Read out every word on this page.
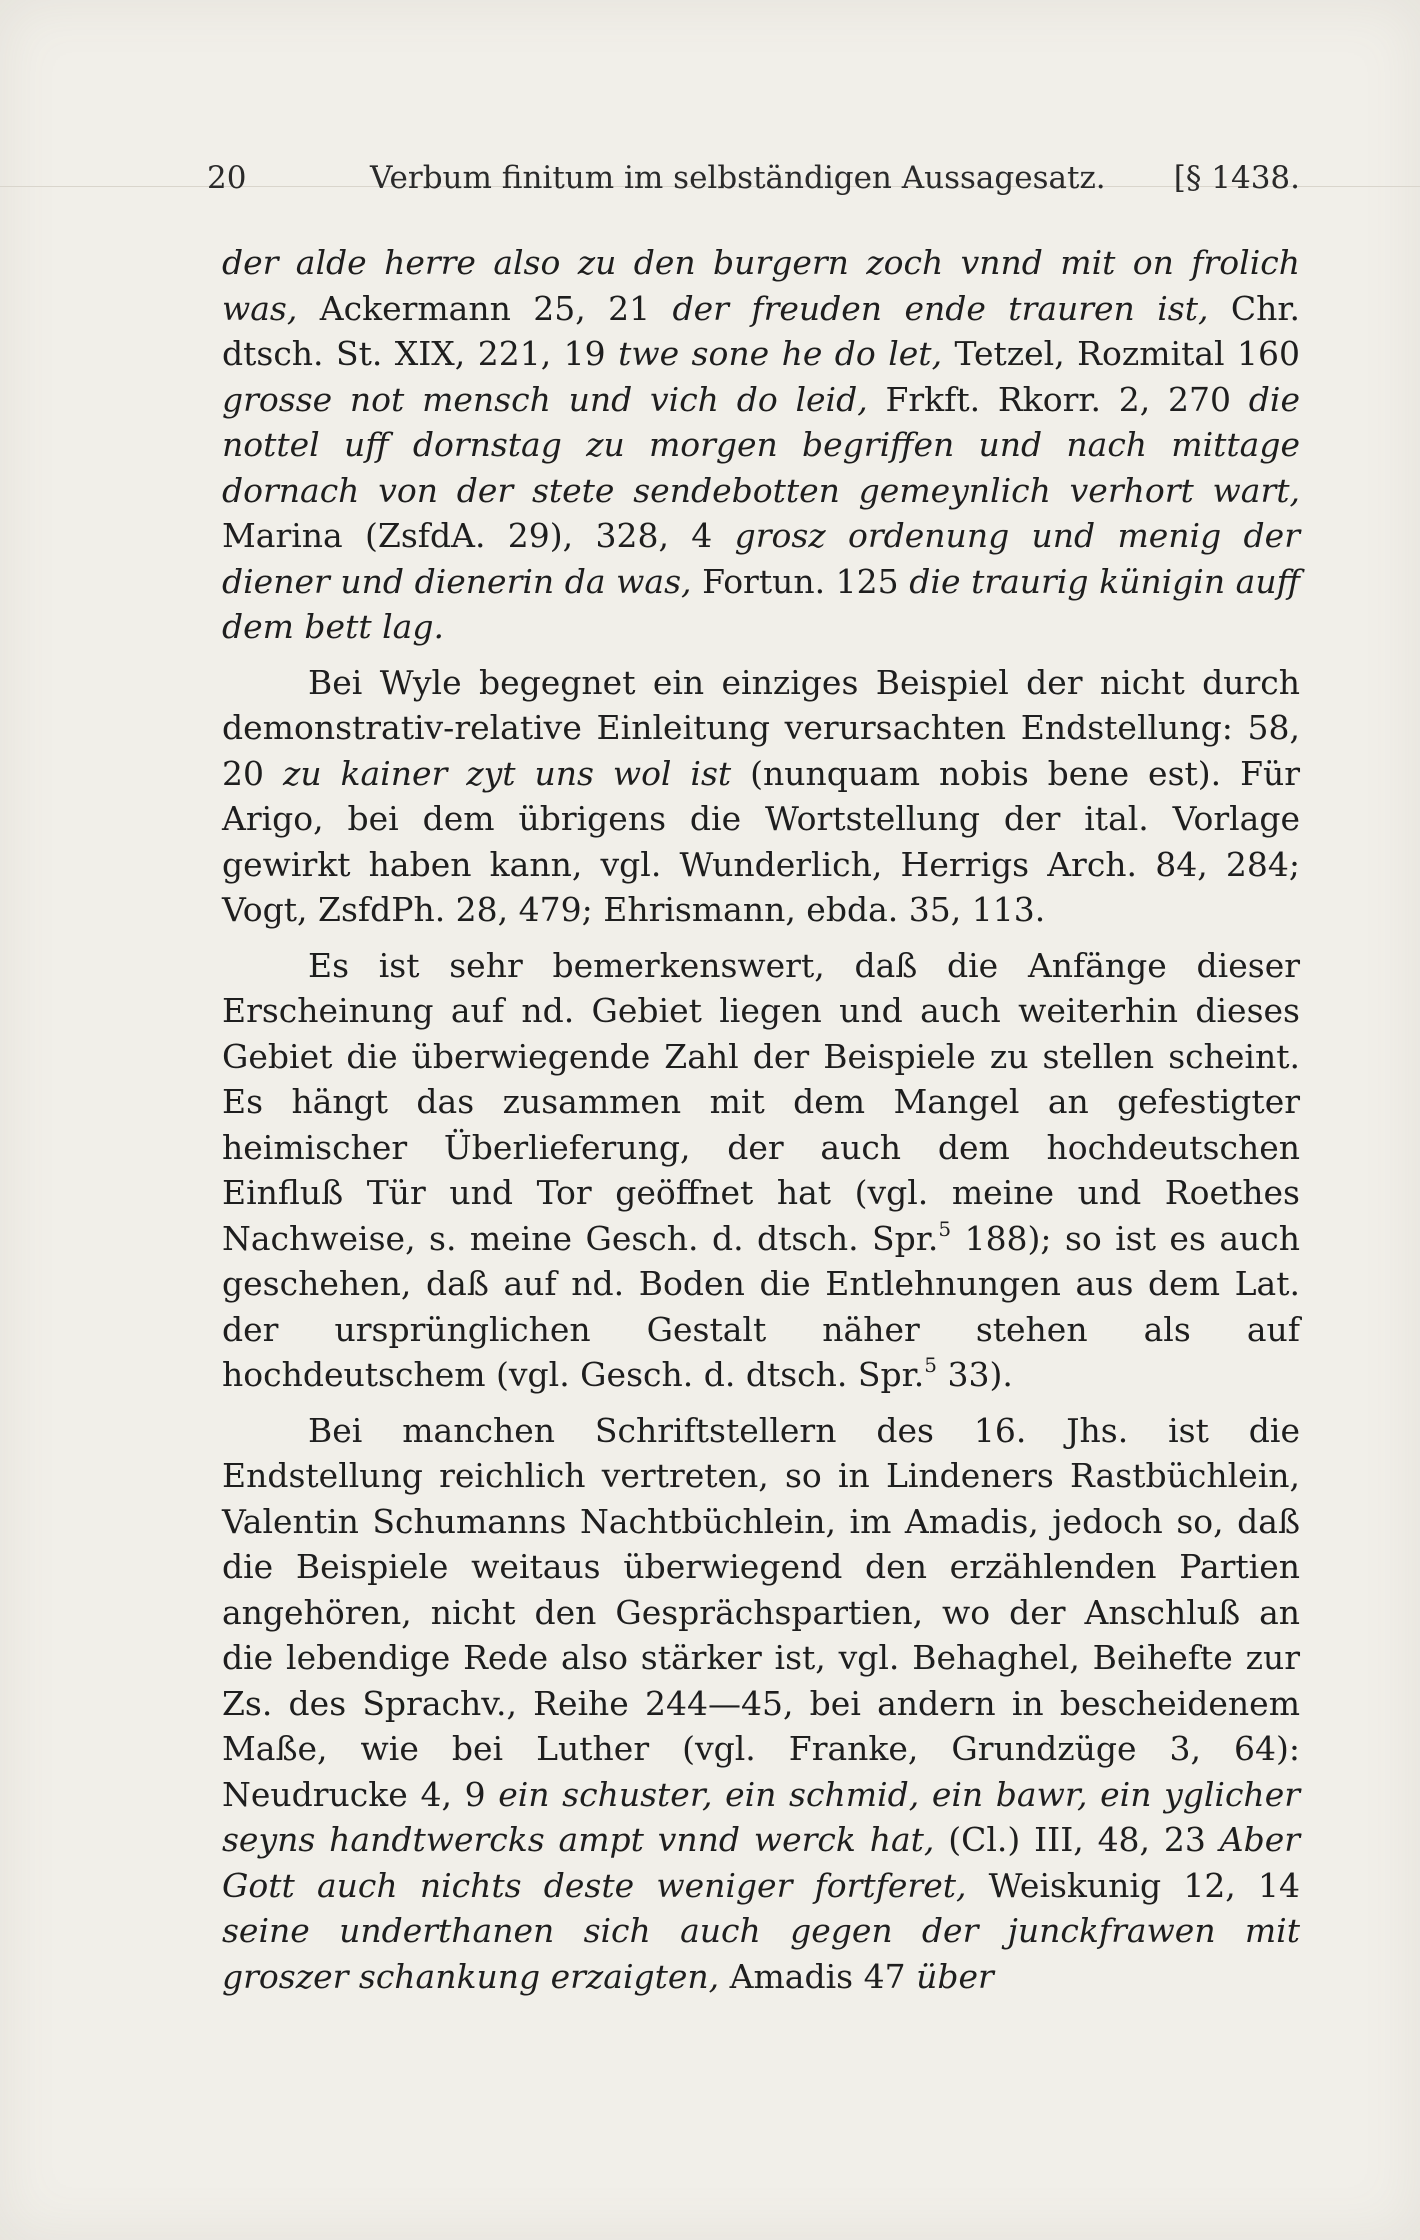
20	Verbum finitum im selbständigen Aussagesatz. [§ 1438.

der alde herre also zu den burgern zoch vnnd mit on frolich was, Ackermann 25, 21 der freuden ende trauren ist, Chr. dtsch. St. XIX, 221, 19 twe sone he do let, Tetzel, Rozmital 160 grosse not mensch und vich do leid, Frkft. Rkorr. 2, 270 die nottel uff dornstag zu morgen begriffen und nach mittage dornach von der stete sendebotten gemeynlich verhort wart, Marina (ZsfdA. 29), 328, 4 grosz ordenung und menig der diener und dienerin da was, Fortun. 125 die traurig künigin auff dem bett lag.

Bei Wyle begegnet ein einziges Beispiel der nicht durch demonstrativ-relative Einleitung verursachten Endstellung: 58, 20 zu kainer zyt uns wol ist (nunquam nobis bene est). Für Arigo, bei dem übrigens die Wortstellung der ital. Vorlage gewirkt haben kann, vgl. Wunderlich, Herrigs Arch. 84, 284; Vogt, ZsfdPh. 28, 479; Ehrismann, ebda. 35, 113.

Es ist sehr bemerkenswert, daß die Anfänge dieser Erscheinung auf nd. Gebiet liegen und auch weiterhin dieses Gebiet die überwiegende Zahl der Beispiele zu stellen scheint. Es hängt das zusammen mit dem Mangel an gefestigter heimischer Überlieferung, der auch dem hochdeutschen Einfluß Tür und Tor geöffnet hat (vgl. meine und Roethes Nachweise, s. meine Gesch. d. dtsch. Spr.$^5$ 188); so ist es auch geschehen, daß auf nd. Boden die Entlehnungen aus dem Lat. der ursprünglichen Gestalt näher stehen als auf hochdeutschem (vgl. Gesch. d. dtsch. Spr.$^5$ 33).

Bei manchen Schriftstellern des 16. Jhs. ist die Endstellung reichlich vertreten, so in Lindeners Rastbüchlein, Valentin Schumanns Nachtbüchlein, im Amadis, jedoch so, daß die Beispiele weitaus überwiegend den erzählenden Partien angehören, nicht den Gesprächspartien, wo der Anschluß an die lebendige Rede also stärker ist, vgl. Behaghel, Beihefte zur Zs. des Sprachv., Reihe 244—45, bei andern in bescheidenem Maße, wie bei Luther (vgl. Franke, Grundzüge 3, 64): Neudrucke 4, 9 ein schuster, ein schmid, ein bawr, ein yglicher seyns handtwercks ampt vnnd werck hat, (Cl.) III, 48, 23 Aber Gott auch nichts deste weniger fortferet, Weiskunig 12, 14 seine underthanen sich auch gegen der junckfrawen mit groszer schankung erzaigten, Amadis 47 über
